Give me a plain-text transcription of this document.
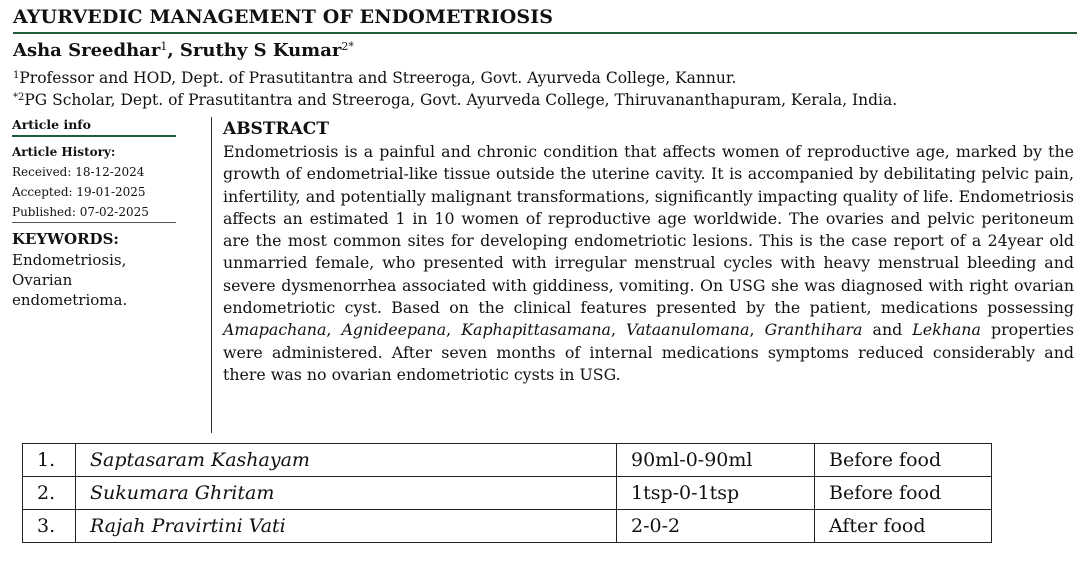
AYURVEDIC MANAGEMENT OF ENDOMETRIOSIS
Asha Sreedhar$^1$, Sruthy S Kumar$^{2*}$
$^1$Professor and HOD, Dept. of Prasutitantra and Streeroga, Govt. Ayurveda College, Kannur.
$^{*2}$PG Scholar, Dept. of Prasutitantra and Streeroga, Govt. Ayurveda College, Thiruvananthapuram, Kerala, India.
Article info
Article History:
Received: 18-12-2024
Accepted: 19-01-2025
Published: 07-02-2025
KEYWORDS:
Endometriosis, Ovarian endometrioma.
ABSTRACT
Endometriosis is a painful and chronic condition that affects women of reproductive age, marked by the growth of endometrial-like tissue outside the uterine cavity. It is accompanied by debilitating pelvic pain, infertility, and potentially malignant transformations, significantly impacting quality of life. Endometriosis affects an estimated 1 in 10 women of reproductive age worldwide. The ovaries and pelvic peritoneum are the most common sites for developing endometriotic lesions. This is the case report of a 24year old unmarried female, who presented with irregular menstrual cycles with heavy menstrual bleeding and severe dysmenorrhea associated with giddiness, vomiting. On USG she was diagnosed with right ovarian endometriotic cyst. Based on the clinical features presented by the patient, medications possessing Amapachana, Agnideepana, Kaphapittasamana, Vataanulomana, Granthihara and Lekhana properties were administered. After seven months of internal medications symptoms reduced considerably and there was no ovarian endometriotic cysts in USG.
1.	Saptasaram Kashayam	90ml-0-90ml	Before food
2.	Sukumara Ghritam	1tsp-0-1tsp	Before food
3.	Rajah Pravirtini Vati	2-0-2	After food
